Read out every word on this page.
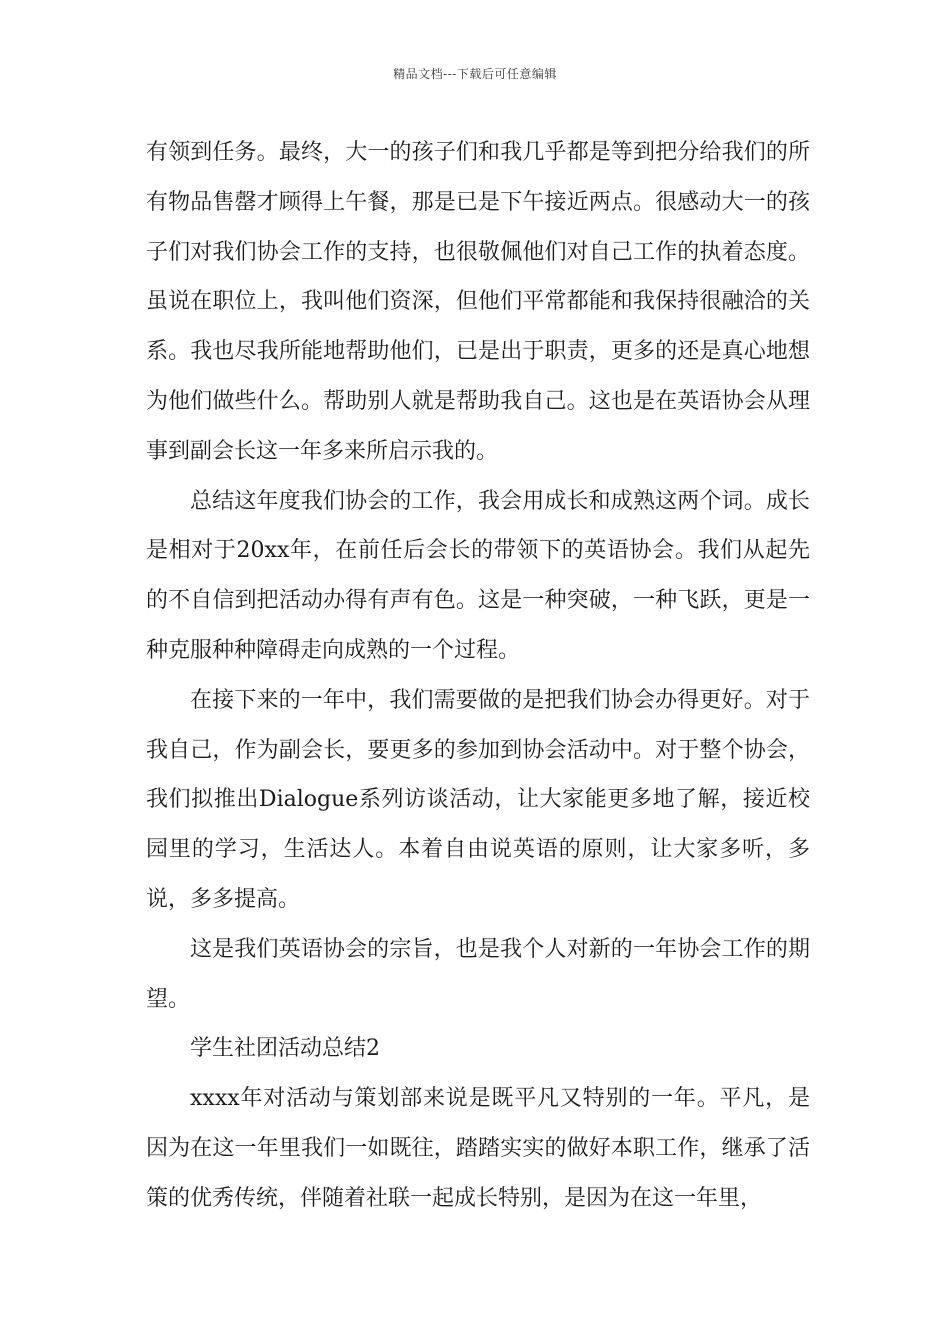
精品文档---下载后可任意编辑

有领到任务。最终，大一的孩子们和我几乎都是等到把分给我们的所有物品售罄才顾得上午餐，那是已是下午接近两点。很感动大一的孩子们对我们协会工作的支持，也很敬佩他们对自己工作的执着态度。虽说在职位上，我叫他们资深，但他们平常都能和我保持很融洽的关系。我也尽我所能地帮助他们，已是出于职责，更多的还是真心地想为他们做些什么。帮助别人就是帮助我自己。这也是在英语协会从理事到副会长这一年多来所启示我的。

总结这年度我们协会的工作，我会用成长和成熟这两个词。成长是相对于20xx年，在前任后会长的带领下的英语协会。我们从起先的不自信到把活动办得有声有色。这是一种突破，一种飞跃，更是一种克服种种障碍走向成熟的一个过程。

在接下来的一年中，我们需要做的是把我们协会办得更好。对于我自己，作为副会长，要更多的参加到协会活动中。对于整个协会，我们拟推出Dialogue系列访谈活动，让大家能更多地了解，接近校园里的学习，生活达人。本着自由说英语的原则，让大家多听，多说，多多提高。

这是我们英语协会的宗旨，也是我个人对新的一年协会工作的期望。

学生社团活动总结2

xxxx年对活动与策划部来说是既平凡又特别的一年。平凡，是因为在这一年里我们一如既往，踏踏实实的做好本职工作，继承了活策的优秀传统，伴随着社联一起成长特别，是因为在这一年里，
